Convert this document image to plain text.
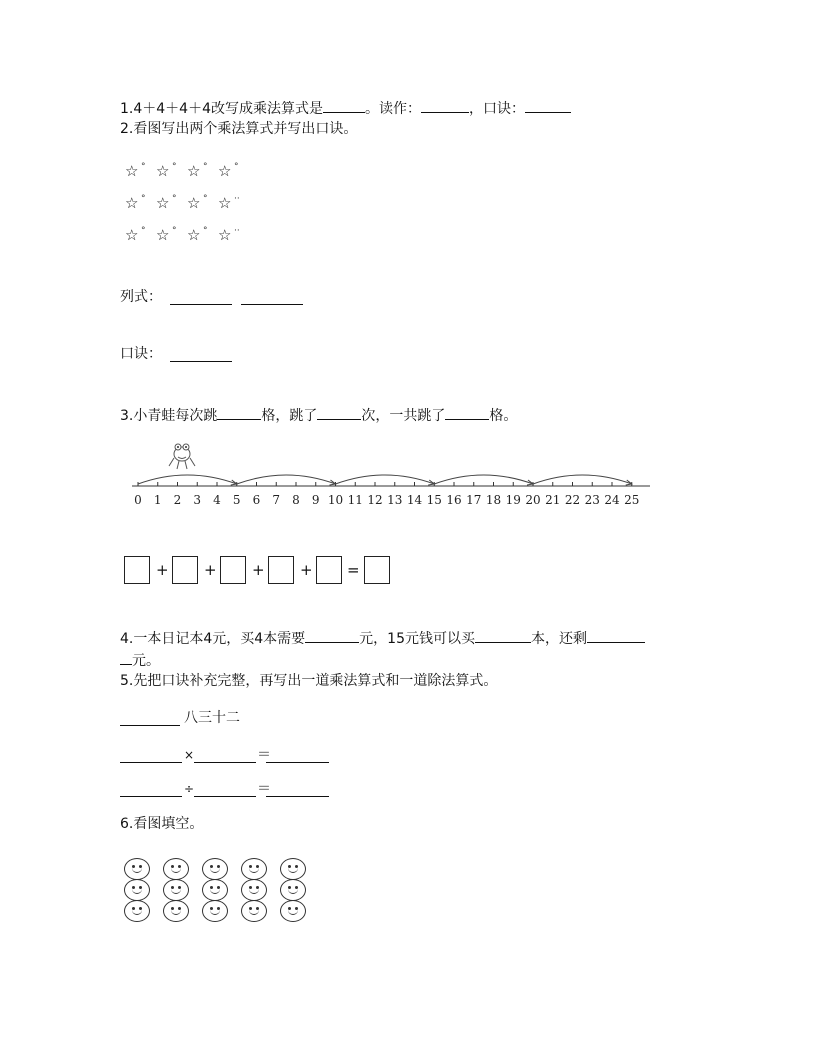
1.4＋4＋4＋4改写成乘法算式是	。读作：	，口诀：
2.看图写出两个乘法算式并写出口诀。
☆ ° ☆ ° ☆ ° ☆ °
☆ ° ☆ ° ☆ ° ☆ ··
☆ ° ☆ ° ☆ ° ☆ ··
列式：
口诀：
3.小青蛙每次跳	格，跳了	次，一共跳了	格。
0 1 2 3 4 5 6 7 8 9 10 11 12 13 14 15 16 17 18 19 20 21 22 23 24 25
+ + + + =
4.一本日记本4元，买4本需要	元，15元钱可以买	本，还剩
元。
5.先把口诀补充完整，再写出一道乘法算式和一道除法算式。
八三十二
×	＝
÷	＝
6.看图填空。
